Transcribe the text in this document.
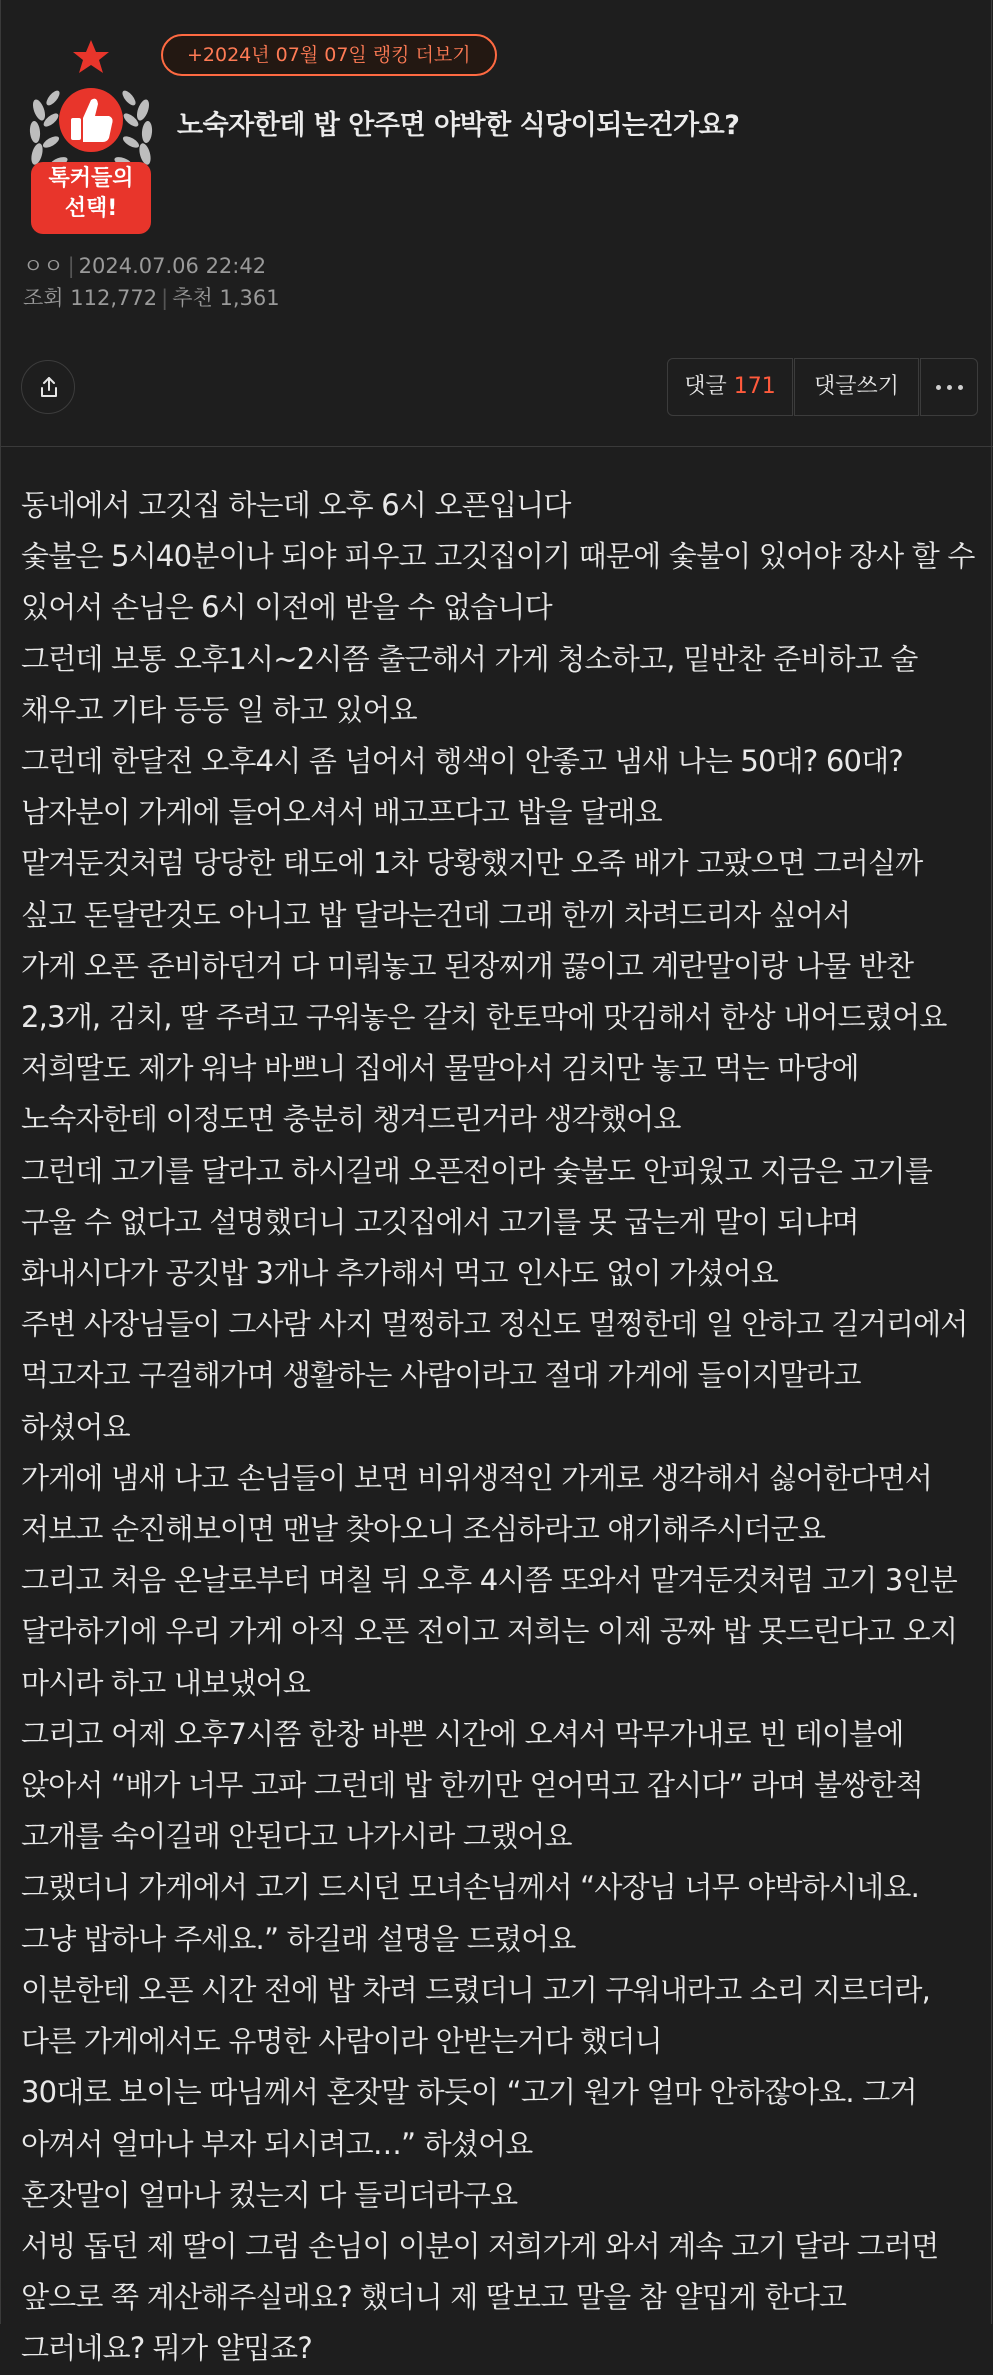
톡커들의
선택!
+2024년 07월 07일 랭킹 더보기
노숙자한테 밥 안주면 야박한 식당이되는건가요?
ㅇㅇ | 2024.07.06 22:42
조회 112,772 | 추천 1,361
댓글 171	댓글쓰기

동네에서 고깃집 하는데 오후 6시 오픈입니다

숯불은 5시40분이나 되야 피우고 고깃집이기 때문에 숯불이 있어야 장사 할 수 있어서 손님은 6시 이전에 받을 수 없습니다

그런데 보통 오후1시~2시쯤 출근해서 가게 청소하고, 밑반찬 준비하고 술 채우고 기타 등등 일 하고 있어요

그런데 한달전 오후4시 좀 넘어서 행색이 안좋고 냄새 나는 50대? 60대? 남자분이 가게에 들어오셔서 배고프다고 밥을 달래요

맡겨둔것처럼 당당한 태도에 1차 당황했지만 오죽 배가 고팠으면 그러실까 싶고 돈달란것도 아니고 밥 달라는건데 그래 한끼 차려드리자 싶어서

가게 오픈 준비하던거 다 미뤄놓고 된장찌개 끓이고 계란말이랑 나물 반찬 2,3개, 김치, 딸 주려고 구워놓은 갈치 한토막에 맛김해서 한상 내어드렸어요

저희딸도 제가 워낙 바쁘니 집에서 물말아서 김치만 놓고 먹는 마당에 노숙자한테 이정도면 충분히 챙겨드린거라 생각했어요

그런데 고기를 달라고 하시길래 오픈전이라 숯불도 안피웠고 지금은 고기를 구울 수 없다고 설명했더니 고깃집에서 고기를 못 굽는게 말이 되냐며 화내시다가 공깃밥 3개나 추가해서 먹고 인사도 없이 가셨어요

주변 사장님들이 그사람 사지 멀쩡하고 정신도 멀쩡한데 일 안하고 길거리에서 먹고자고 구걸해가며 생활하는 사람이라고 절대 가게에 들이지말라고 하셨어요

가게에 냄새 나고 손님들이 보면 비위생적인 가게로 생각해서 싫어한다면서 저보고 순진해보이면 맨날 찾아오니 조심하라고 얘기해주시더군요

그리고 처음 온날로부터 며칠 뒤 오후 4시쯤 또와서 맡겨둔것처럼 고기 3인분 달라하기에 우리 가게 아직 오픈 전이고 저희는 이제 공짜 밥 못드린다고 오지 마시라 하고 내보냈어요

그리고 어제 오후7시쯤 한창 바쁜 시간에 오셔서 막무가내로 빈 테이블에 앉아서 “배가 너무 고파 그런데 밥 한끼만 얻어먹고 갑시다” 라며 불쌍한척 고개를 숙이길래 안된다고 나가시라 그랬어요

그랬더니 가게에서 고기 드시던 모녀손님께서 “사장님 너무 야박하시네요. 그냥 밥하나 주세요.” 하길래 설명을 드렸어요

이분한테 오픈 시간 전에 밥 차려 드렸더니 고기 구워내라고 소리 지르더라, 다른 가게에서도 유명한 사람이라 안받는거다 했더니

30대로 보이는 따님께서 혼잣말 하듯이 “고기 원가 얼마 안하잖아요. 그거 아껴서 얼마나 부자 되시려고…” 하셨어요

혼잣말이 얼마나 컸는지 다 들리더라구요

서빙 돕던 제 딸이 그럼 손님이 이분이 저희가게 와서 계속 고기 달라 그러면 앞으로 쭉 계산해주실래요? 했더니 제 딸보고 말을 참 얄밉게 한다고 그러네요? 뭐가 얄밉죠?
